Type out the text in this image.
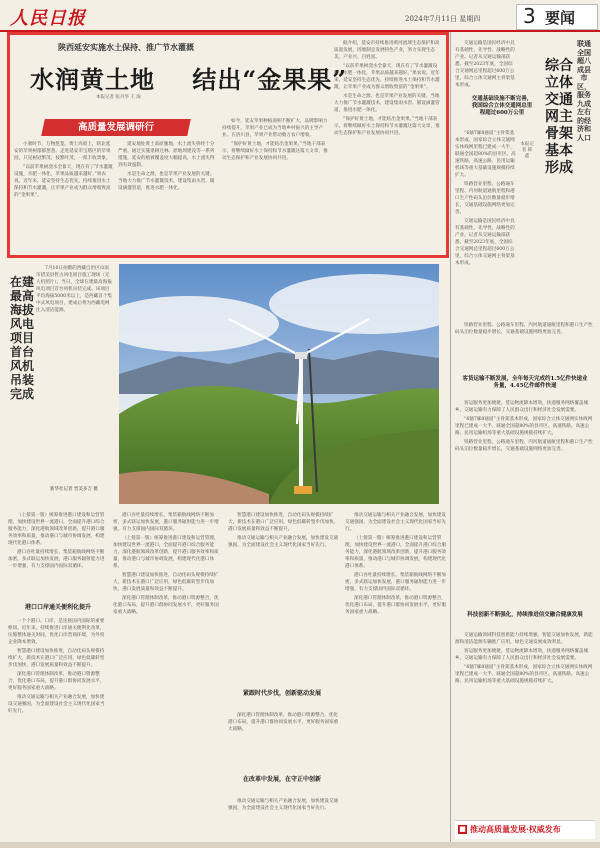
人民日报	2024年7月11日 星期四 3 要闻
陕西延安实施水土保持、推广节水灌溉
水润黄土地    结出“金果果”
本报记者 张丹华 王 海
高质量发展调研行

小暑时节，万物葱茏。黄土高原上，陕北延安的苹果树郁郁葱葱。走进延安市宝塔区的苹果园，只见树冠繁茂、枝繁叶茂，一派丰收景象。

“以前苹果树浇水全靠天，现在有了节水灌溉设施，水肥一体化，苹果品质越来越好。”果农说。近年来，延安坚持生态优先，持续推进水土保持和节水灌溉，让苹果产业成为群众增收致富的“金果果”。

延安地处黄土高原腹地，水土流失曾经十分严重。通过实施退耕还林、淤地坝建设等一系列措施，延安的植被覆盖度大幅提高，水土流失得到有效遏制。

水是生命之源，也是苹果产业发展的关键。当地大力推广节水灌溉技术，建设集雨水窖、铺设滴灌管道，推进水肥一体化。

如今，延安苹果种植面积不断扩大，品牌影响力持续提升，苹果产业已成为当地乡村振兴的主导产业。在洛川县，苹果产业带动数万农户增收。

“保护好黄土地，才能结出金果果。”当地干部表示，将继续做好水土保持和节水灌溉这篇大文章，推动生态保护和产业发展协同共进。

据介绍，延安市持续推进黄河流域生态保护和高质量发展，因地制宜发展特色产业，努力实现生态美、产业兴、百姓富。

“以前苹果树浇水全靠天，现在有了节水灌溉设施，水肥一体化，苹果品质越来越好。”果农说。近年来，延安坚持生态优先，持续推进水土保持和节水灌溉，让苹果产业成为群众增收致富的“金果果”。

水是生命之源，也是苹果产业发展的关键。当地大力推广节水灌溉技术，建设集雨水窖、铺设滴灌管道，推进水肥一体化。

“保护好黄土地，才能结出金果果。”当地干部表示，将继续做好水土保持和节水灌溉这篇大文章，推动生态保护和产业发展协同共进。

在建最高海拔风电项目首台风机吊装完成

7月10日拍摄的西藏自治区山南市措美县哲古风电项目施工现场（无人机照片）。当日，全球在建最高海拔风电项目首台风机吊装完成。该项目平均海拔5000米以上，是西藏首个集中式风电项目，建成后将为西藏电网注入清洁能源。

新华社记者 晋美多吉 摄

（上接第一版）统筹推进港口建设和运营管理，加快建设世界一流港口，全面提升港口综合服务能力，深化港航领域改革创新，提升港口服务效率和质量，推动港口与城市协调发展，构建现代化港口体系。

港口吞吐量持续增长，集装箱航线网络不断加密，多式联运加快发展，港口服务辐射能力进一步增强，有力支撑国内国际双循环。

港口口岸通关便利化提升

一个个港口、口岸，是连接国内国际的重要枢纽。近年来，持续推进口岸通关便利化改革，压缩整体通关时间，优化口岸营商环境，为外贸企业降本增效。

智慧港口建设加快推进，自动化码头规模持续扩大，新技术在港口广泛应用，绿色低碳转型步伐加快，港口发展质量和效益不断提升。

深化港口管理体制改革，推动港口资源整合，优化港口布局，提升港口群协同发展水平，更好服务国家重大战略。

推动交通运输与相关产业融合发展，加快建设交通强国，为全面建设社会主义现代化国家当好先行。

港口吞吐量持续增长，集装箱航线网络不断加密，多式联运加快发展，港口服务辐射能力进一步增强，有力支撑国内国际双循环。

（上接第一版）统筹推进港口建设和运营管理，加快建设世界一流港口，全面提升港口综合服务能力，深化港航领域改革创新，提升港口服务效率和质量，推动港口与城市协调发展，构建现代化港口体系。

智慧港口建设加快推进，自动化码头规模持续扩大，新技术在港口广泛应用，绿色低碳转型步伐加快，港口发展质量和效益不断提升。

深化港口管理体制改革，推动港口资源整合，优化港口布局，提升港口群协同发展水平，更好服务国家重大战略。

智慧港口建设加快推进，自动化码头规模持续扩大，新技术在港口广泛应用，绿色低碳转型步伐加快，港口发展质量和效益不断提升。

推动交通运输与相关产业融合发展，加快建设交通强国，为全面建设社会主义现代化国家当好先行。

紧跟时代步伐，创新驱动发展

深化港口管理体制改革，推动港口资源整合，优化港口布局，提升港口群协同发展水平，更好服务国家重大战略。

在改革中发展，在守正中创新

推动交通运输与相关产业融合发展，加快建设交通强国，为全面建设社会主义现代化国家当好先行。

推动交通运输与相关产业融合发展，加快建设交通强国，为全面建设社会主义现代化国家当好先行。

（上接第一版）统筹推进港口建设和运营管理，加快建设世界一流港口，全面提升港口综合服务能力，深化港航领域改革创新，提升港口服务效率和质量，推动港口与城市协调发展，构建现代化港口体系。

港口吞吐量持续增长，集装箱航线网络不断加密，多式联运加快发展，港口服务辐射能力进一步增强，有力支撑国内国际双循环。

深化港口管理体制改革，推动港口资源整合，优化港口布局，提升港口群协同发展水平，更好服务国家重大战略。

交通运输是国民经济中具有基础性、先导性、战略性的产业。记者从交通运输部获悉，截至2023年底，全国综合交通网总里程超过600万公里，综合立体交通网主骨架基本形成。

联通全国超八成县市区，服务九成左右的经济和人口
综合立体交通网主骨架基本形成
本报记者 韩 鑫
交通基础设施不断完善，我国综合立体交通网总里程超过600万公里

“6轴7廊8通道”主骨架基本形成，国家综合立体交通网实体线网里程已建成一大半，联通全国超80%的县市区。高速铁路、高速公路、民用运输机场等重大基础设施规模持续扩大。

铁路营业里程、公路通车里程、内河航道通航里程和港口生产性码头泊位数量稳步增长，交通基础设施网络更加完善。

交通运输是国民经济中具有基础性、先导性、战略性的产业。记者从交通运输部获悉，截至2023年底，全国综合交通网总里程超过600万公里，综合立体交通网主骨架基本形成。

铁路营业里程、公路通车里程、内河航道通航里程和港口生产性码头泊位数量稳步增长，交通基础设施网络更加完善。

客货运输不断发展，全年每天完成约1.5亿件快递业务量，4.45亿件邮件快递

客运服务更加便捷，货运物流降本增效，快递服务网络覆盖城乡，交通运输有力保障了人民群众出行和经济社会发展需要。

“6轴7廊8通道”主骨架基本形成，国家综合立体交通网实体线网里程已建成一大半，联通全国超80%的县市区。高速铁路、高速公路、民用运输机场等重大基础设施规模持续扩大。

铁路营业里程、公路通车里程、内河航道通航里程和港口生产性码头泊位数量稳步增长，交通基础设施网络更加完善。

科技创新不断强化，持续推进信交融合健康发展

交通运输领域科技创新能力持续增强，智能交通加快发展，新能源和清洁能源车辆推广应用，绿色交通发展成效明显。

客运服务更加便捷，货运物流降本增效，快递服务网络覆盖城乡，交通运输有力保障了人民群众出行和经济社会发展需要。

“6轴7廊8通道”主骨架基本形成，国家综合立体交通网实体线网里程已建成一大半，联通全国超80%的县市区。高速铁路、高速公路、民用运输机场等重大基础设施规模持续扩大。

■ 推动高质量发展·权威发布
